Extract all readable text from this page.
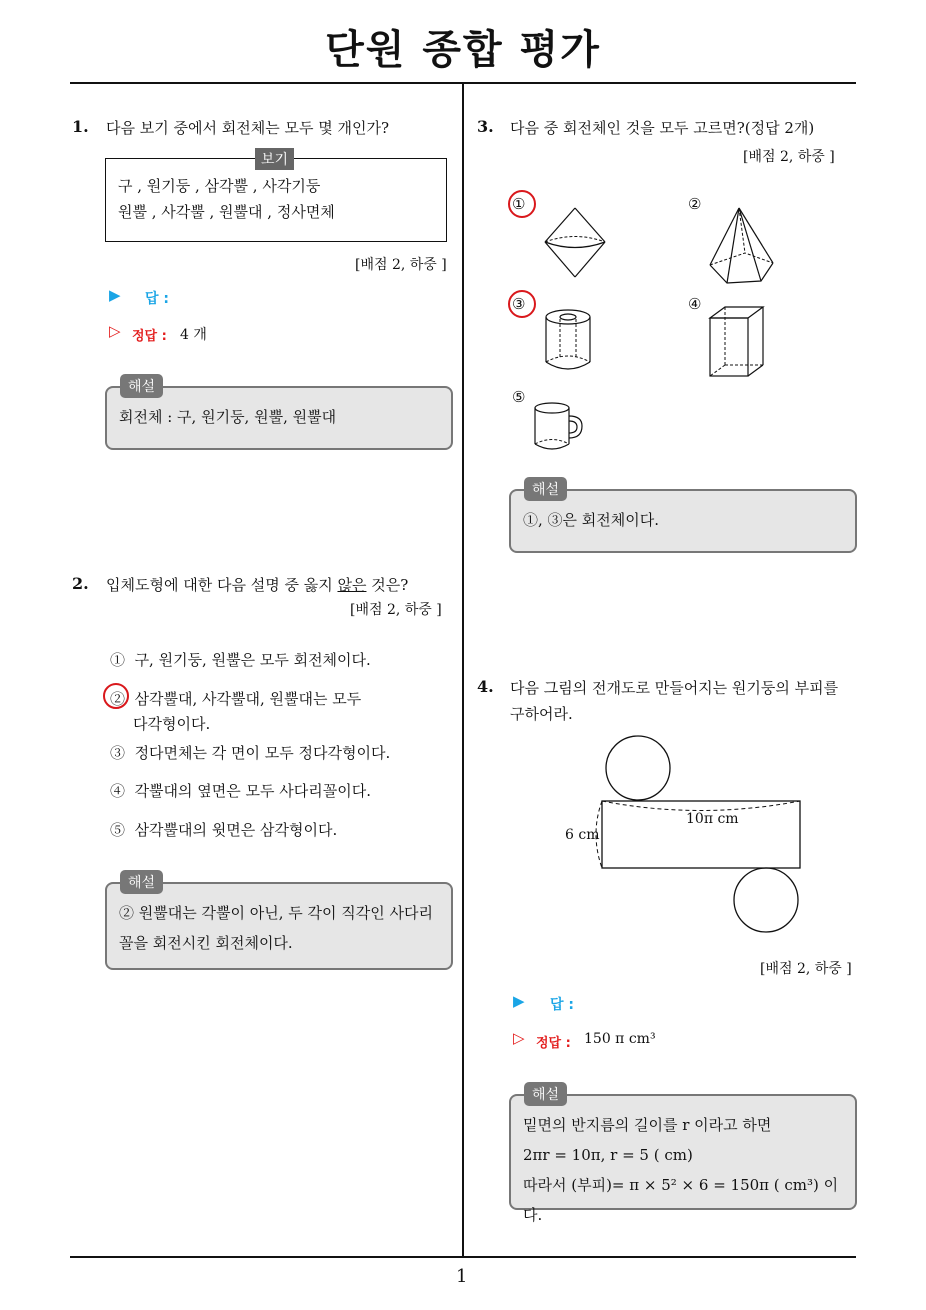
단원 종합 평가
1. 다음 보기 중에서 회전체는 모두 몇 개인가?
보기
구 , 원기둥 , 삼각뿔 , 사각기둥
원뿔 , 사각뿔 , 원뿔대 , 정사면체
[배점 2, 하중 ]
▶ 답 :
▷ 정답 : 4 개
회전체 : 구, 원기둥, 원뿔, 원뿔대
해설
2. 입체도형에 대한 다음 설명 중 옳지 않은 것은?
[배점 2, 하중 ]
① 구, 원기둥, 원뿔은 모두 회전체이다.
② 삼각뿔대, 사각뿔대, 원뿔대는 모두
다각형이다.
③ 정다면체는 각 면이 모두 정다각형이다.
④ 각뿔대의 옆면은 모두 사다리꼴이다.
⑤ 삼각뿔대의 윗면은 삼각형이다.
② 원뿔대는 각뿔이 아닌, 두 각이 직각인 사다리
꼴을 회전시킨 회전체이다.
해설
3. 다음 중 회전체인 것을 모두 고르면?(정답 2개)
[배점 2, 하중 ]
①	②
③	④
⑤
①, ③은 회전체이다.
해설
4. 다음 그림의 전개도로 만들어지는 원기둥의 부피를
구하어라.
10π cm
6 cm
[배점 2, 하중 ]
▶ 답 :
▷ 정답 : 150 π cm³
밑면의 반지름의 길이를 r 이라고 하면
2πr = 10π, r = 5 ( cm)
따라서 (부피)= π × 5² × 6 = 150π ( cm³) 이다.
해설
1
